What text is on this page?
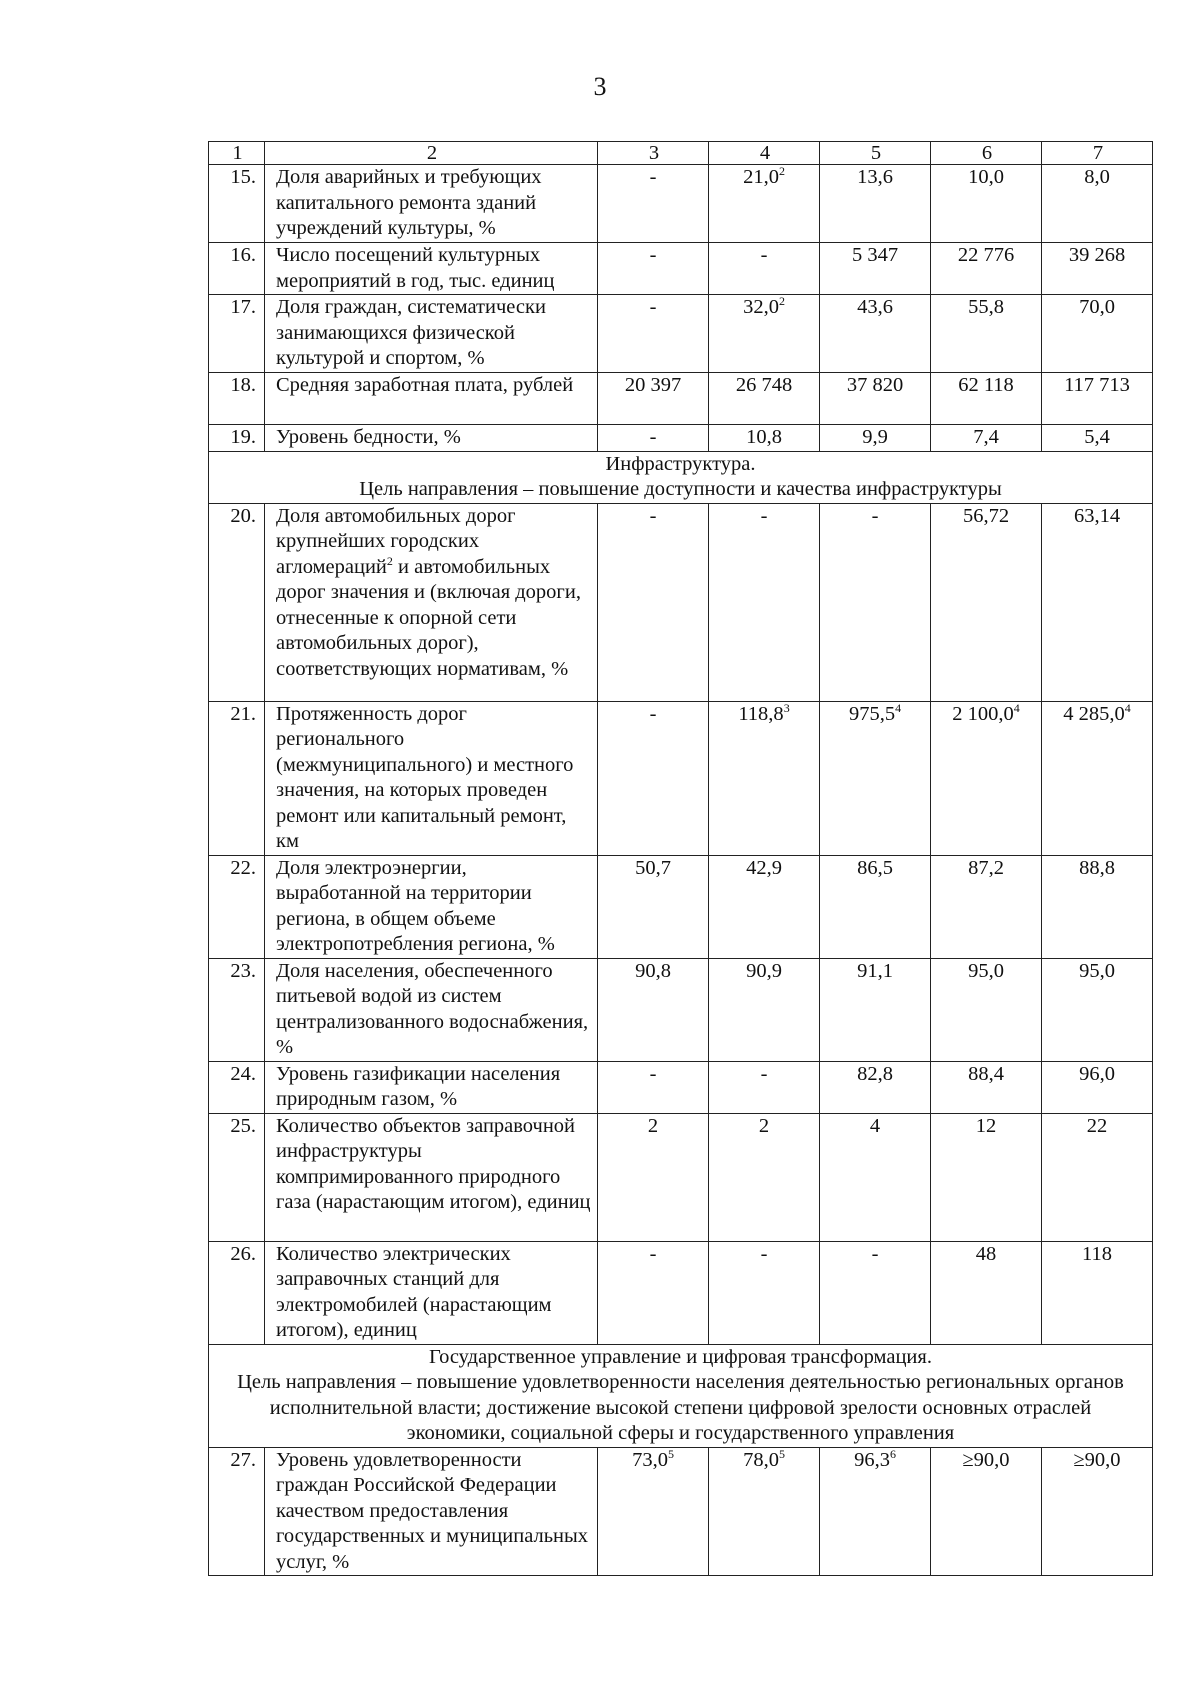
3
1	2	3	4	5	6	7
15.	Доля аварийных и требующих капитального ремонта зданий учреждений культуры, %	-	21,0$^2$	13,6	10,0	8,0
16.	Число посещений культурных мероприятий в год, тыс. единиц	-	-	5 347	22 776	39 268
17.	Доля граждан, систематически занимающихся физической культурой и спортом, %	-	32,0$^2$	43,6	55,8	70,0
18.	Средняя заработная плата, рублей	20 397	26 748	37 820	62 118	117 713
19.	Уровень бедности, %	-	10,8	9,9	7,4	5,4

Инфраструктура.
Цель направления – повышение доступности и качества инфраструктуры						

20.	Доля автомобильных дорог крупнейших городских агломераций$^2$ и автомобильных дорог значения и (включая дороги, отнесенные к опорной сети автомобильных дорог), соответствующих нормативам, %	-	-	-	56,72	63,14
21.	Протяженность дорог регионального (межмуниципального) и местного значения, на которых проведен ремонт или капитальный ремонт, км	-	118,8$^3$	975,5$^4$	2 100,0$^4$	4 285,0$^4$
22.	Доля электроэнергии, выработанной на территории региона, в общем объеме электропотребления региона, %	50,7	42,9	86,5	87,2	88,8
23.	Доля населения, обеспеченного питьевой водой из систем централизованного водоснабжения, %	90,8	90,9	91,1	95,0	95,0
24.	Уровень газификации населения природным газом, %	-	-	82,8	88,4	96,0
25.	Количество объектов заправочной инфраструктуры компримированного природного газа (нарастающим итогом), единиц	2	2	4	12	22
26.	Количество электрических заправочных станций для электромобилей (нарастающим итогом), единиц	-	-	-	48	118

Государственное управление и цифровая трансформация.
Цель направления – повышение удовлетворенности населения деятельностью региональных органов исполнительной власти; достижение высокой степени цифровой зрелости основных отраслей экономики, социальной сферы и государственного управления						

27.	Уровень удовлетворенности граждан Российской Федерации качеством предоставления государственных и муниципальных услуг, %	73,0$^5$	78,0$^5$	$96,3^6$	≥90,0	≥90,0
